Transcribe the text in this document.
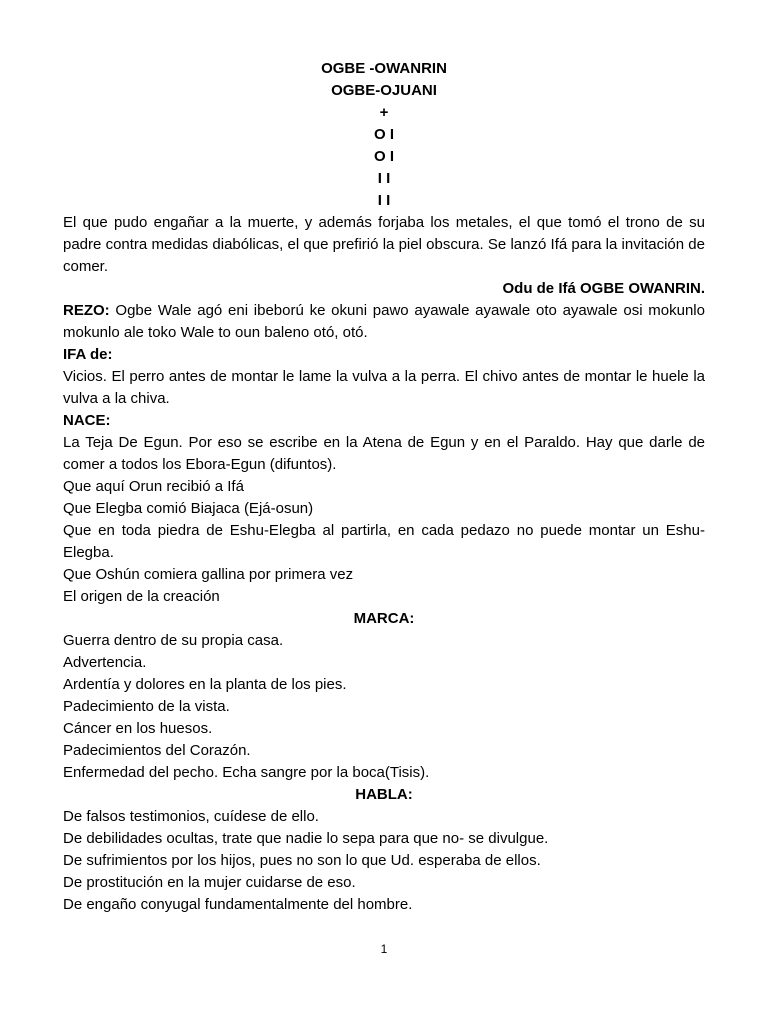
OGBE -OWANRIN

OGBE-OJUANI

+
O I
O I
I I
I I

El que pudo engañar a la muerte, y además forjaba los metales, el que tomó el trono de su padre contra medidas diabólicas, el que prefirió la piel obscura. Se lanzó Ifá para la invitación de comer.

Odu de Ifá OGBE OWANRIN.

REZO: Ogbe Wale agó eni ibeború ke okuni pawo ayawale ayawale oto ayawale osi mokunlo mokunlo ale toko Wale to oun baleno otó, otó.

IFA de:

Vicios. El perro antes de montar le lame la vulva a la perra. El chivo antes de montar le huele la vulva a la chiva.

NACE:

La Teja De Egun. Por eso se escribe en la Atena de Egun y en el Paraldo. Hay que darle de comer a todos los Ebora-Egun (difuntos).

Que aquí Orun recibió a Ifá

Que Elegba comió Biajaca (Ejá-osun)

Que en toda piedra de Eshu-Elegba al partirla, en cada pedazo no puede montar un Eshu-Elegba.

Que Oshún comiera gallina por primera vez

El origen de la creación

MARCA:

Guerra dentro de su propia casa.

Advertencia.

Ardentía y dolores en la planta de los pies.

Padecimiento de la vista.

Cáncer en los huesos.

Padecimientos del Corazón.

Enfermedad del pecho. Echa sangre por la boca(Tisis).

HABLA:

De falsos testimonios, cuídese de ello.

De debilidades ocultas, trate que nadie lo sepa para que no- se divulgue.

De sufrimientos por los hijos, pues no son lo que Ud. esperaba de ellos.

De prostitución en la mujer cuidarse de eso.

De engaño conyugal fundamentalmente del hombre.

1
